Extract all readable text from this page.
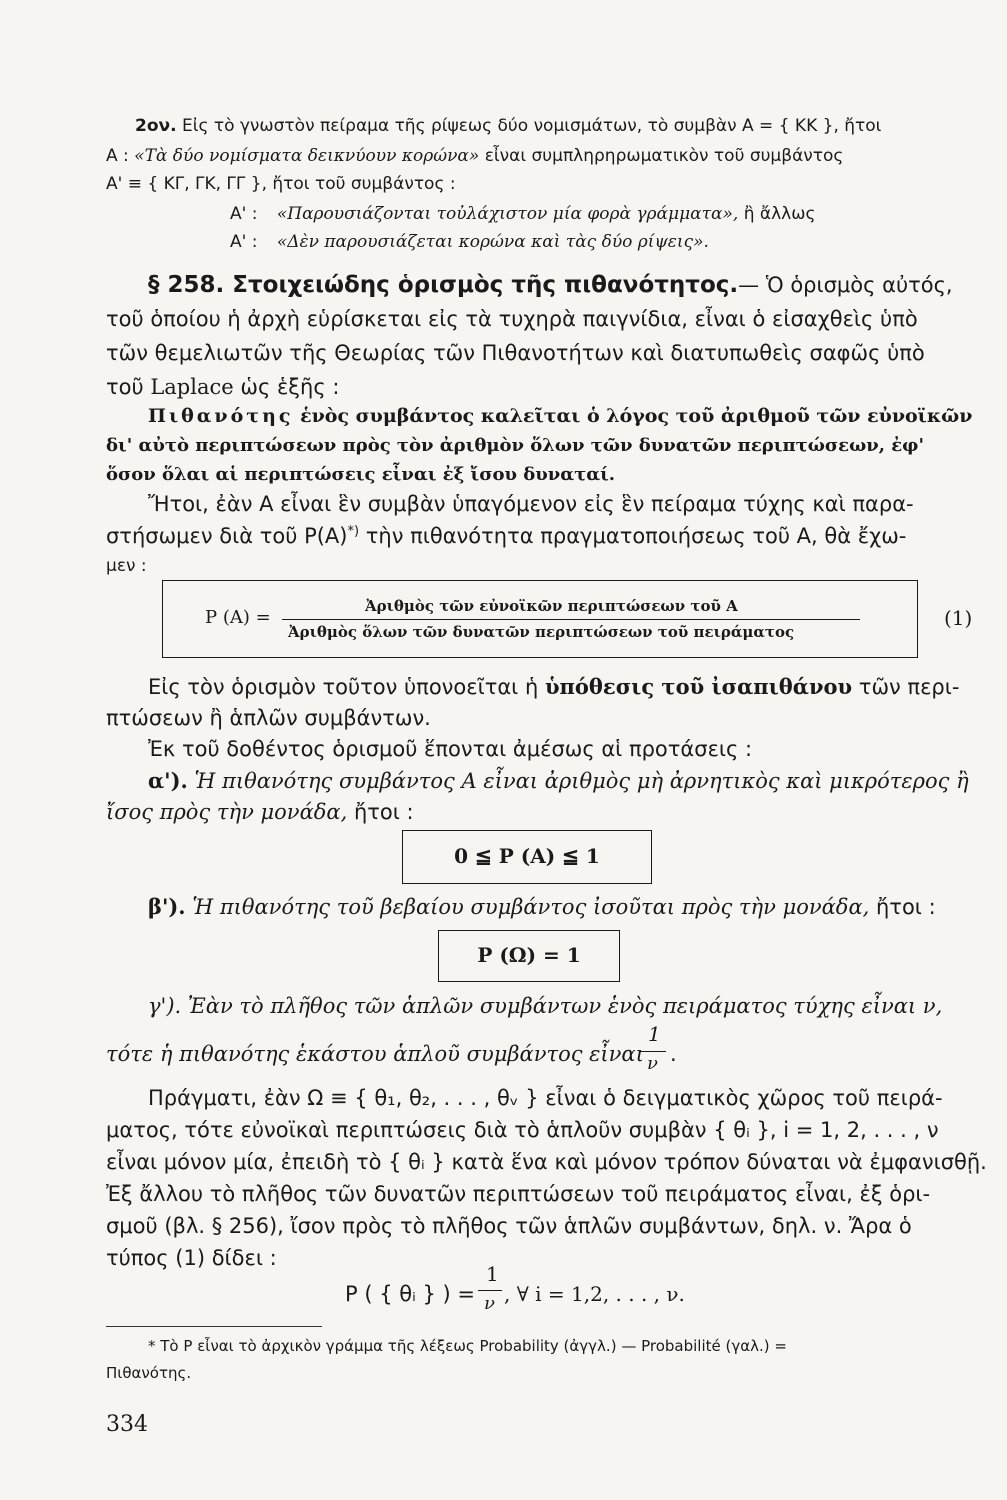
2ον. Εἰς τὸ γνωστὸν πείραμα τῆς ρίψεως δύο νομισμάτων, τὸ συμβὰν Α = { ΚΚ }, ἤτοι
Α : «Τὰ δύο νομίσματα δεικνύουν κορώνα» εἶναι συμπληρηρωματικὸν τοῦ συμβάντος
Α' ≡ { ΚΓ, ΓΚ, ΓΓ }, ἤτοι τοῦ συμβάντος :
Α' : «Παρουσιάζονται τοὐλάχιστον μία φορὰ γράμματα», ἢ ἄλλως
Α' : «Δὲν παρουσιάζεται κορώνα καὶ τὰς δύο ρίψεις».
§ 258. Στοιχειώδης ὁρισμὸς τῆς πιθανότητος.— Ὁ ὁρισμὸς αὐτός,
τοῦ ὁποίου ἡ ἀρχὴ εὑρίσκεται εἰς τὰ τυχηρὰ παιγνίδια, εἶναι ὁ εἰσαχθεὶς ὑπὸ
τῶν θεμελιωτῶν τῆς Θεωρίας τῶν Πιθανοτήτων καὶ διατυπωθεὶς σαφῶς ὑπὸ
τοῦ Laplace ὡς ἑξῆς :
Πιθανότης ἑνὸς συμβάντος καλεῖται ὁ λόγος τοῦ ἀριθμοῦ τῶν εὐνοϊκῶν
δι' αὐτὸ περιπτώσεων πρὸς τὸν ἀριθμὸν ὅλων τῶν δυνατῶν περιπτώσεων, ἐφ'
ὅσον ὅλαι αἱ περιπτώσεις εἶναι ἐξ ἴσου δυναταί.
Ἤτοι, ἐὰν Α εἶναι ἓν συμβὰν ὑπαγόμενον εἰς ἓν πείραμα τύχης καὶ παρα-
στήσωμεν διὰ τοῦ Ρ(Α)*) τὴν πιθανότητα πραγματοποιήσεως τοῦ Α, θὰ ἔχω-
μεν :
Ρ (Α) =
Ἀριθμὸς τῶν εὐνοϊκῶν περιπτώσεων τοῦ Α
Ἀριθμὸς ὅλων τῶν δυνατῶν περιπτώσεων τοῦ πειράματος
(1)
Εἰς τὸν ὁρισμὸν τοῦτον ὑπονοεῖται ἡ ὑπόθεσις τοῦ ἰσαπιθάνου τῶν περι-
πτώσεων ἢ ἁπλῶν συμβάντων.
Ἐκ τοῦ δοθέντος ὁρισμοῦ ἕπονται ἀμέσως αἱ προτάσεις :
α'). Ἡ πιθανότης συμβάντος Α εἶναι ἀριθμὸς μὴ ἀρνητικὸς καὶ μικρότερος ἢ
ἴσος πρὸς τὴν μονάδα, ἤτοι :
0 ≦ Ρ (Α) ≦ 1
β'). Ἡ πιθανότης τοῦ βεβαίου συμβάντος ἰσοῦται πρὸς τὴν μονάδα, ἤτοι :
Ρ (Ω) = 1
γ'). Ἐὰν τὸ πλῆθος τῶν ἁπλῶν συμβάντων ἑνὸς πειράματος τύχης εἶναι ν,
τότε ἡ πιθανότης ἑκάστου ἁπλοῦ συμβάντος εἶναι
1
ν .
Πράγματι, ἐὰν Ω ≡ { θ₁, θ₂, . . . , θᵥ } εἶναι ὁ δειγματικὸς χῶρος τοῦ πειρά-
ματος, τότε εὐνοϊκαὶ περιπτώσεις διὰ τὸ ἁπλοῦν συμβὰν { θᵢ }, i = 1, 2, . . . , ν
εἶναι μόνον μία, ἐπειδὴ τὸ { θᵢ } κατὰ ἕνα καὶ μόνον τρόπον δύναται νὰ ἐμφανισθῇ.
Ἐξ ἄλλου τὸ πλῆθος τῶν δυνατῶν περιπτώσεων τοῦ πειράματος εἶναι, ἐξ ὁρι-
σμοῦ (βλ. § 256), ἴσον πρὸς τὸ πλῆθος τῶν ἁπλῶν συμβάντων, δηλ. ν. Ἄρα ὁ
τύπος (1) δίδει :
Ρ ( { θᵢ } ) =
1
ν , ∀ i = 1,2, . . . , ν.
* Τὸ Ρ εἶναι τὸ ἀρχικὸν γράμμα τῆς λέξεως Probability (ἀγγλ.) — Probabilité (γαλ.) =
Πιθανότης.
334
